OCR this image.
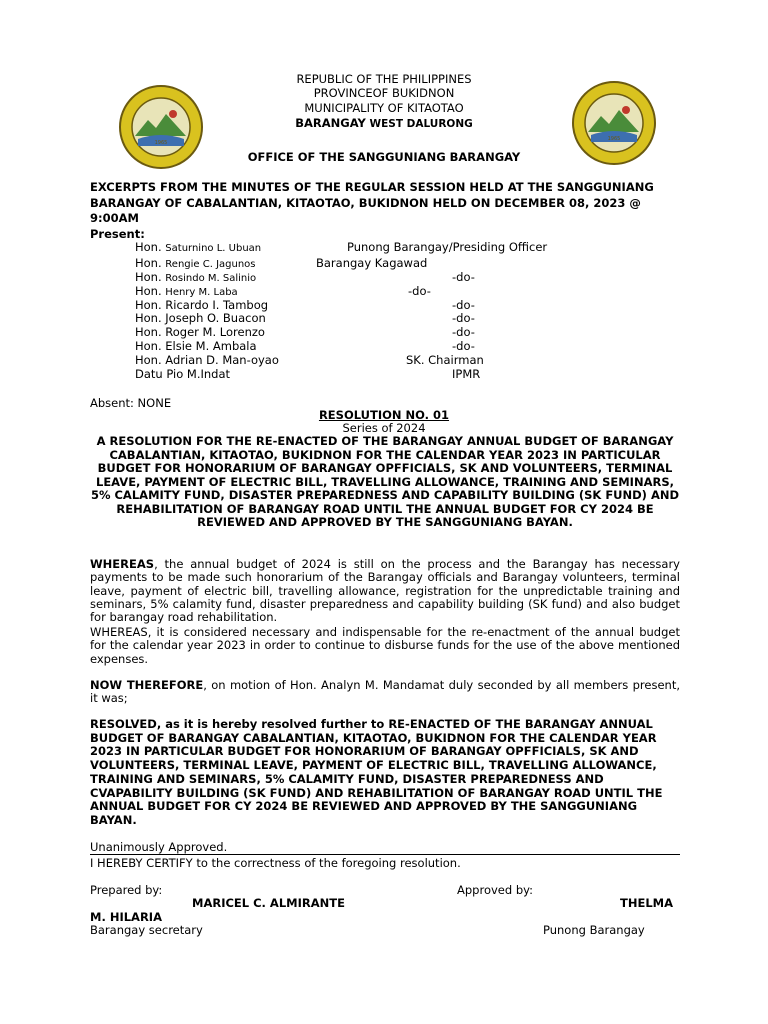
1965
1965
REPUBLIC OF THE PHILIPPINES
PROVINCEOF BUKIDNON
MUNICIPALITY OF KITAOTAO
BARANGAY WEST DALURONG
OFFICE OF THE SANGGUNIANG BARANGAY
EXCERPTS FROM THE MINUTES OF THE REGULAR SESSION HELD AT THE SANGGUNIANG BARANGAY OF CABALANTIAN, KITAOTAO, BUKIDNON HELD ON DECEMBER 08, 2023 @ 9:00AM
Present:
Hon. Saturnino L. Ubuan	Punong Barangay/Presiding Officer
Hon. Rengie C. Jagunos	Barangay Kagawad
Hon. Rosindo M. Salinio	-do-
Hon. Henry M. Laba	-do-
Hon. Ricardo I. Tambog	-do-
Hon. Joseph O. Buacon	-do-
Hon. Roger M. Lorenzo	-do-
Hon. Elsie M. Ambala	-do-
Hon. Adrian D. Man-oyao	SK. Chairman
Datu Pio M.Indat	IPMR
Absent: NONE
RESOLUTION NO. 01
Series of 2024
A RESOLUTION FOR THE RE-ENACTED OF THE BARANGAY ANNUAL BUDGET OF BARANGAY CABALANTIAN, KITAOTAO, BUKIDNON FOR THE CALENDAR YEAR 2023 IN PARTICULAR BUDGET FOR HONORARIUM OF BARANGAY OPFFICIALS, SK AND VOLUNTEERS, TERMINAL LEAVE, PAYMENT OF ELECTRIC BILL, TRAVELLING ALLOWANCE, TRAINING AND SEMINARS, 5% CALAMITY FUND, DISASTER PREPAREDNESS AND CAPABILITY BUILDING (SK FUND) AND REHABILITATION OF BARANGAY ROAD UNTIL THE ANNUAL BUDGET FOR CY 2024 BE REVIEWED AND APPROVED BY THE SANGGUNIANG BAYAN.
WHEREAS, the annual budget of 2024 is still on the process and the Barangay has necessary payments to be made such honorarium of the Barangay officials and Barangay volunteers, terminal leave, payment of electric bill, travelling allowance, registration for the unpredictable training and seminars, 5% calamity fund, disaster preparedness and capability building (SK fund) and also budget for barangay road rehabilitation.
WHEREAS, it is considered necessary and indispensable for the re-enactment of the annual budget for the calendar year 2023 in order to continue to disburse funds for the use of the above mentioned expenses.
NOW THEREFORE, on motion of Hon. Analyn M. Mandamat duly seconded by all members present, it was;
RESOLVED, as it is hereby resolved further to RE-ENACTED OF THE BARANGAY ANNUAL BUDGET OF BARANGAY CABALANTIAN, KITAOTAO, BUKIDNON FOR THE CALENDAR YEAR 2023 IN PARTICULAR BUDGET FOR HONORARIUM OF BARANGAY OPFFICIALS, SK AND VOLUNTEERS, TERMINAL LEAVE, PAYMENT OF ELECTRIC BILL, TRAVELLING ALLOWANCE, TRAINING AND SEMINARS, 5% CALAMITY FUND, DISASTER PREPAREDNESS AND CVAPABILITY BUILDING (SK FUND) AND REHABILITATION OF BARANGAY ROAD UNTIL THE ANNUAL BUDGET FOR CY 2024 BE REVIEWED AND APPROVED BY THE SANGGUNIANG BAYAN.
Unanimously Approved.
I HEREBY CERTIFY to the correctness of the foregoing resolution.
Prepared by:	Approved by:
MARICEL C. ALMIRANTE	THELMA
M. HILARIA
Barangay secretary	Punong Barangay
